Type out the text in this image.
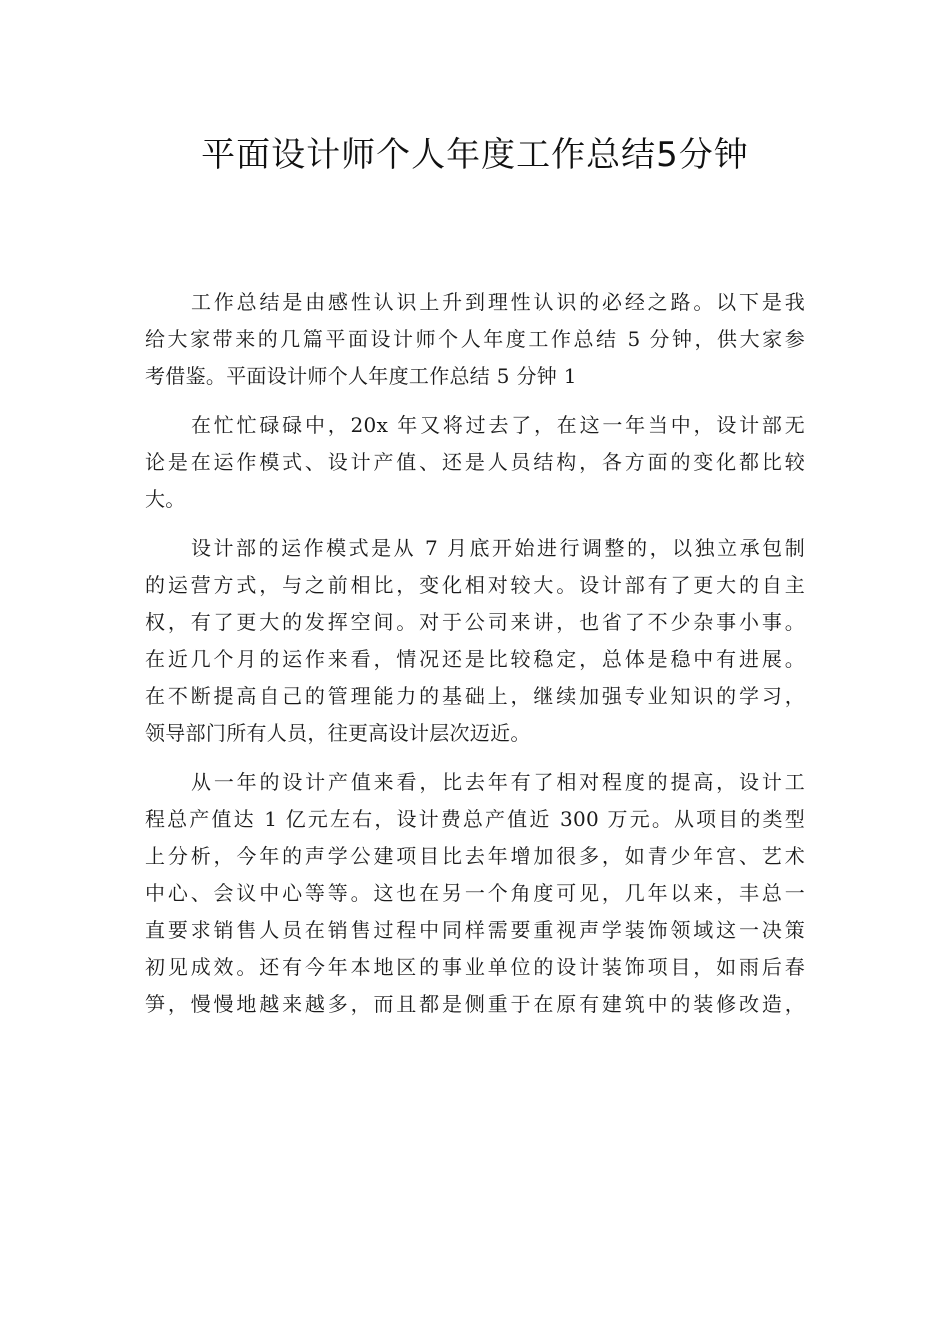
平面设计师个人年度工作总结5分钟
工作总结是由感性认识上升到理性认识的必经之路。以下是我
给大家带来的几篇平面设计师个人年度工作总结 5 分钟，供大家参
考借鉴。平面设计师个人年度工作总结 5 分钟 1
在忙忙碌碌中，20x 年又将过去了，在这一年当中，设计部无
论是在运作模式、设计产值、还是人员结构，各方面的变化都比较
大。
设计部的运作模式是从 7 月底开始进行调整的，以独立承包制
的运营方式，与之前相比，变化相对较大。设计部有了更大的自主
权，有了更大的发挥空间。对于公司来讲，也省了不少杂事小事。
在近几个月的运作来看，情况还是比较稳定，总体是稳中有进展。
在不断提高自己的管理能力的基础上，继续加强专业知识的学习，
领导部门所有人员，往更高设计层次迈近。
从一年的设计产值来看，比去年有了相对程度的提高，设计工
程总产值达 1 亿元左右，设计费总产值近 300 万元。从项目的类型
上分析，今年的声学公建项目比去年增加很多，如青少年宫、艺术
中心、会议中心等等。这也在另一个角度可见，几年以来，丰总一
直要求销售人员在销售过程中同样需要重视声学装饰领域这一决策
初见成效。还有今年本地区的事业单位的设计装饰项目，如雨后春
笋，慢慢地越来越多，而且都是侧重于在原有建筑中的装修改造，
